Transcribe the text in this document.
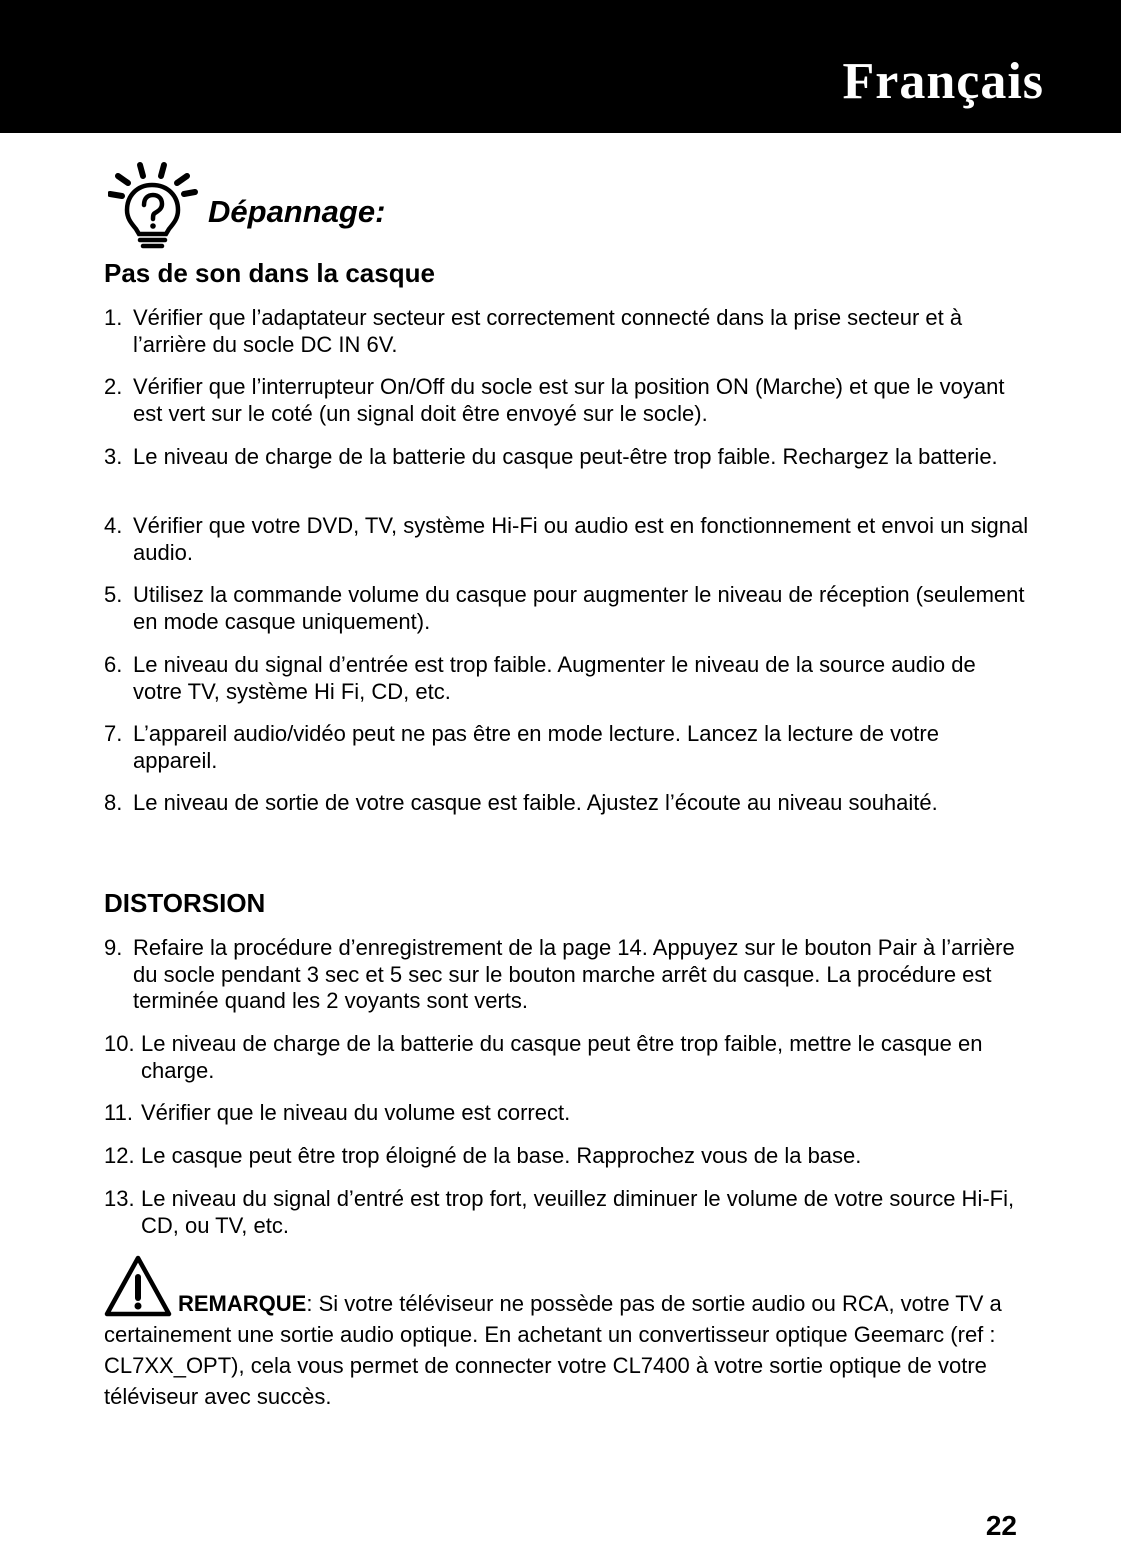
Français
Dépannage:
Pas de son dans la casque
1. Vérifier que l’adaptateur secteur est correctement connecté dans la prise secteur et à l’arrière du socle DC IN 6V.
2. Vérifier que l’interrupteur On/Off du socle est sur la position ON (Marche) et que le voyant est vert sur le coté (un signal doit être envoyé sur le socle).
3. Le niveau de charge de la batterie du casque peut-être trop faible. Rechargez la batterie.
4. Vérifier que votre DVD, TV, système Hi-Fi ou audio est en fonctionnement et envoi un signal audio.
5. Utilisez la commande volume du casque pour augmenter le niveau de réception (seulement en mode casque uniquement).
6. Le niveau du signal d’entrée est trop faible. Augmenter le niveau de la source audio de votre TV, système Hi Fi, CD, etc.
7. L’appareil audio/vidéo peut ne pas être en mode lecture. Lancez la lecture de votre appareil.
8. Le niveau de sortie de votre casque est faible. Ajustez l’écoute au niveau souhaité.
DISTORSION
9. Refaire la procédure d’enregistrement de la page 14. Appuyez sur le bouton Pair à l’arrière du socle pendant 3 sec et 5 sec sur le bouton marche arrêt du casque. La procédure est terminée quand les 2 voyants sont verts.
10. Le niveau de charge de la batterie du casque peut être trop faible, mettre le casque en charge.
11. Vérifier que le niveau du volume est correct.
12. Le casque peut être trop éloigné de la base. Rapprochez vous de la base.
13. Le niveau du signal d’entré est trop fort, veuillez diminuer le volume de votre source Hi-Fi, CD, ou TV, etc.
REMARQUE: Si votre téléviseur ne possède pas de sortie audio ou RCA, votre TV a certainement une sortie audio optique. En achetant un convertisseur optique Geemarc (ref : CL7XX_OPT), cela vous permet de connecter votre CL7400 à votre sortie optique de votre téléviseur avec succès.
22
